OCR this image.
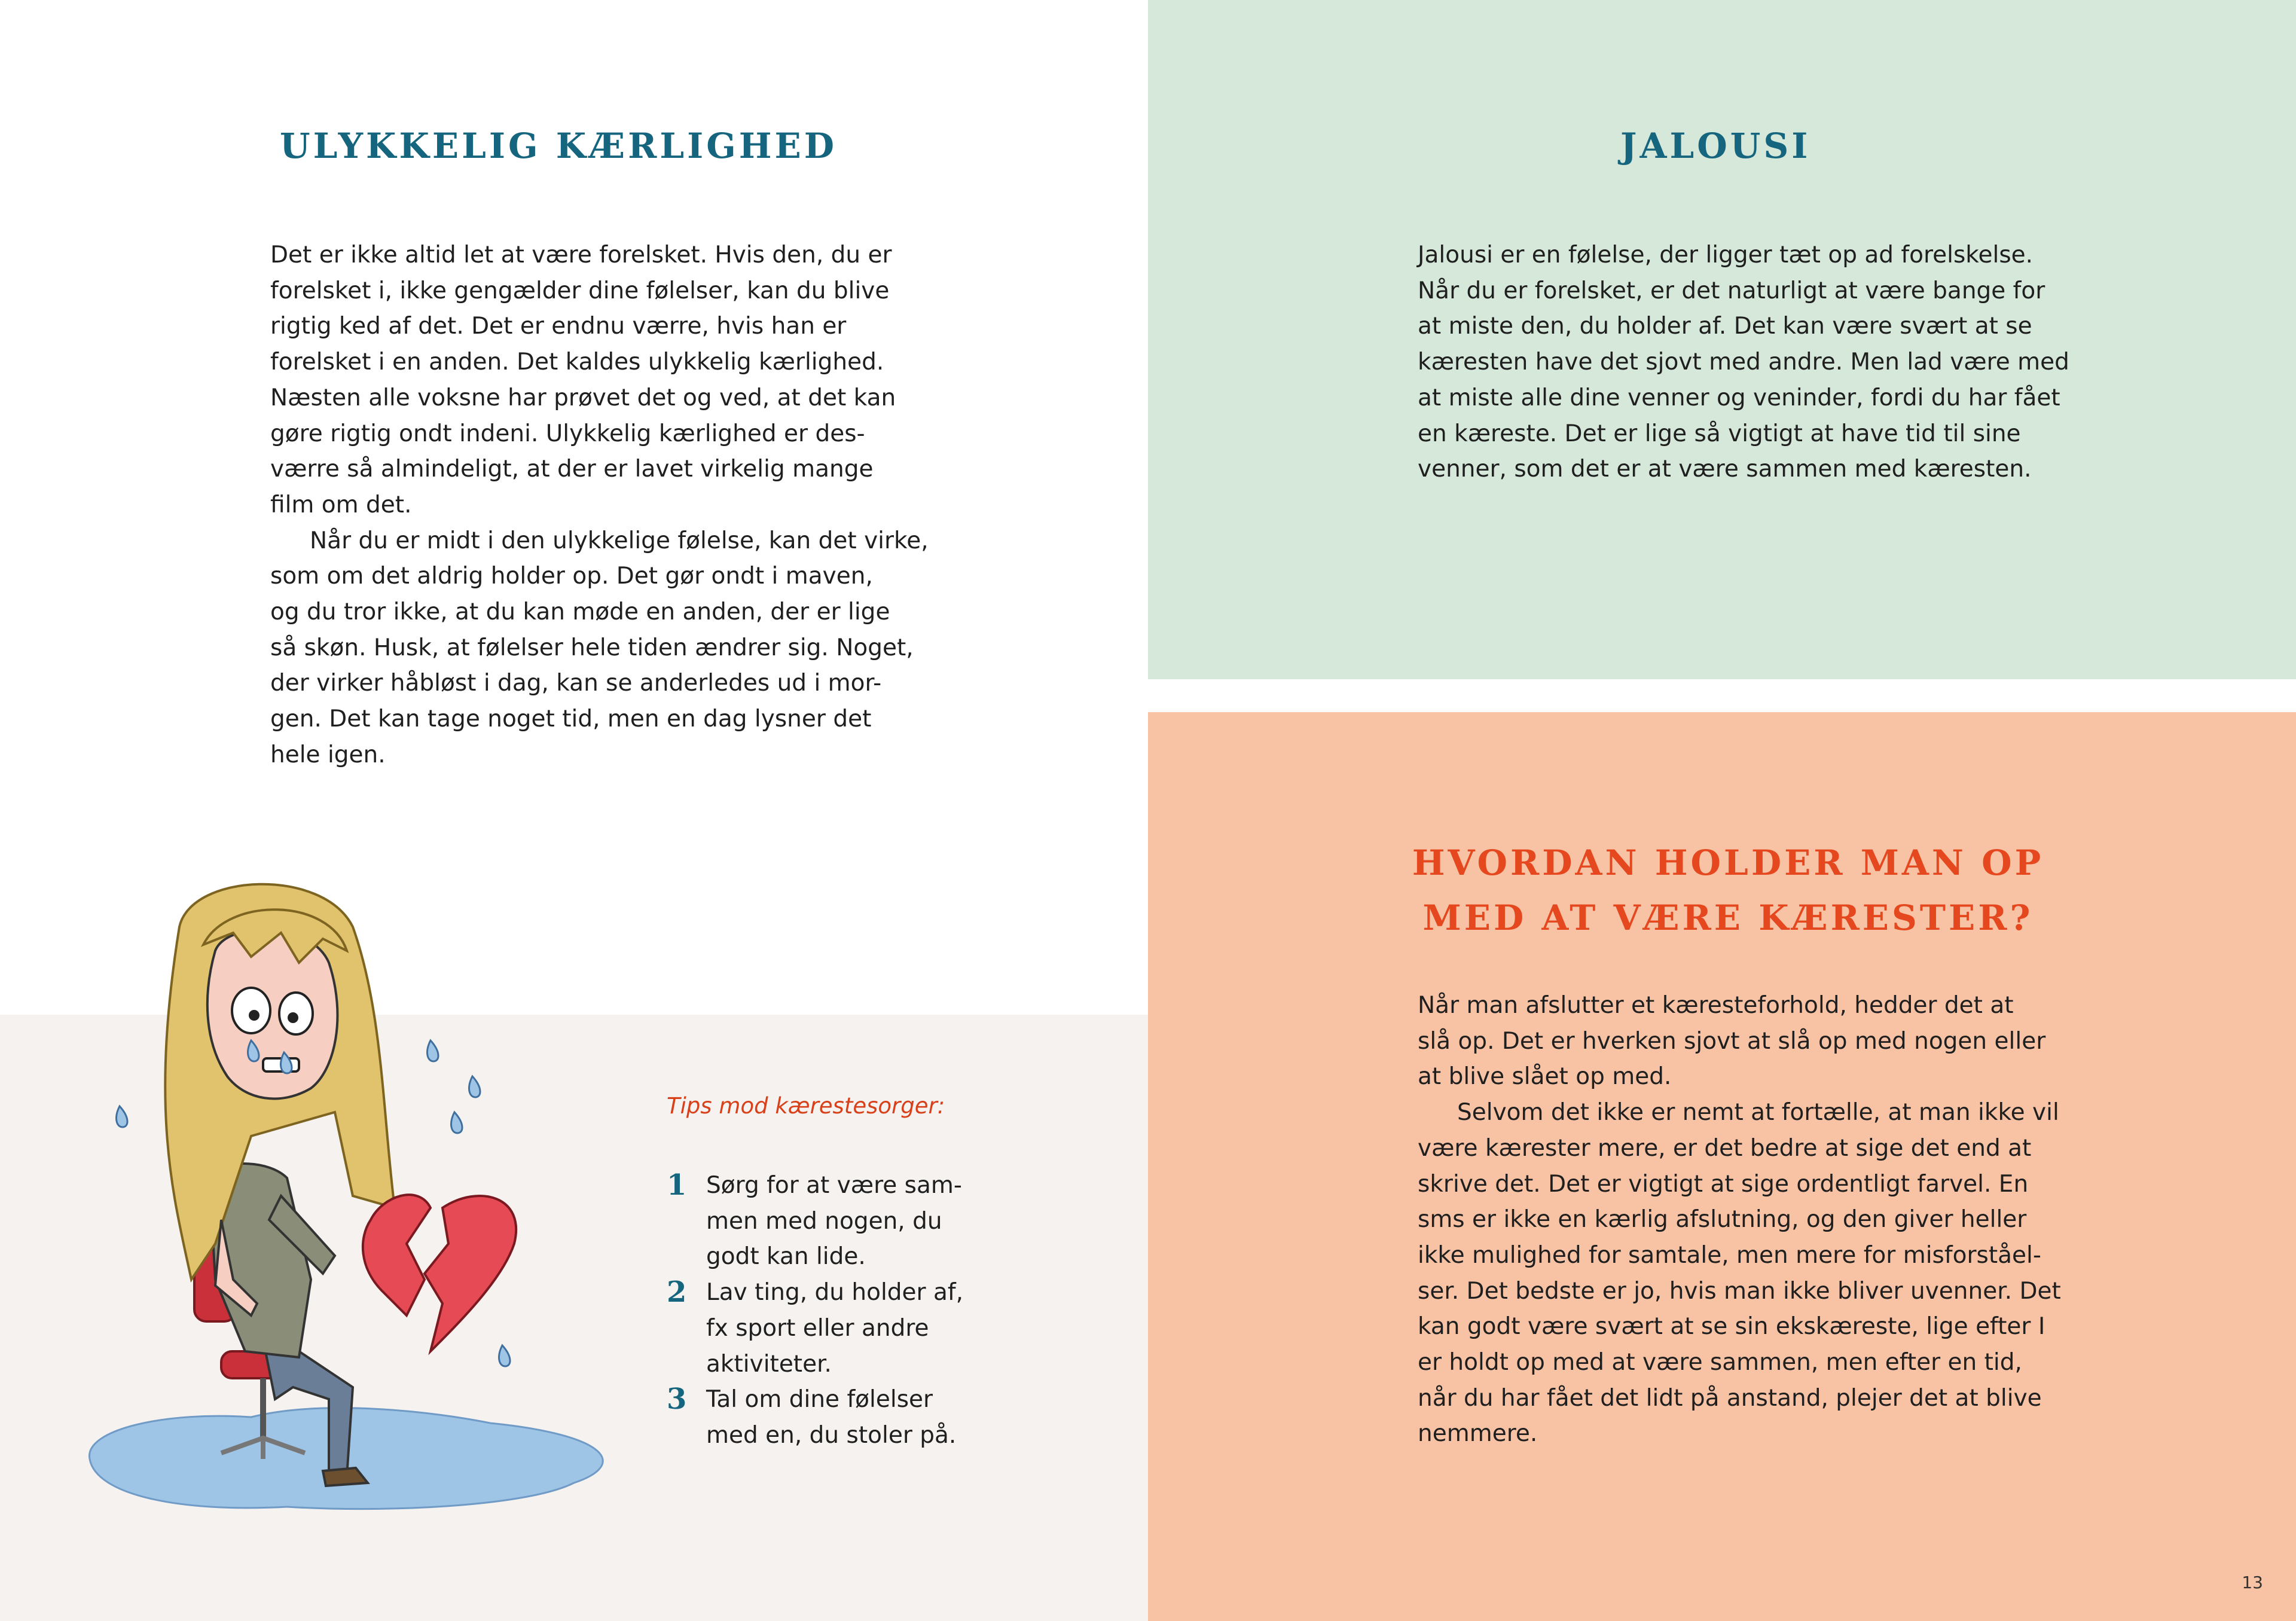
ULYKKELIG KÆRLIGHED

Det er ikke altid let at være forelsket. Hvis den, du er

forelsket i, ikke gengælder dine følelser, kan du blive

rigtig ked af det. Det er endnu værre, hvis han er

forelsket i en anden. Det kaldes ulykkelig kærlighed.

Næsten alle voksne har prøvet det og ved, at det kan

gøre rigtig ondt indeni. Ulykkelig kærlighed er des-

værre så almindeligt, at der er lavet virkelig mange

film om det.

Når du er midt i den ulykkelige følelse, kan det virke,

som om det aldrig holder op. Det gør ondt i maven,

og du tror ikke, at du kan møde en anden, der er lige

så skøn. Husk, at følelser hele tiden ændrer sig. Noget,

der virker håbløst i dag, kan se anderledes ud i mor-

gen. Det kan tage noget tid, men en dag lysner det

hele igen.

Tips mod kærestesorger:
1 Sørg for at være sam-
men med nogen, du
godt kan lide.
2 Lav ting, du holder af,
fx sport eller andre
aktiviteter.
3 Tal om dine følelser
med en, du stoler på.
JALOUSI

Jalousi er en følelse, der ligger tæt op ad forelskelse.

Når du er forelsket, er det naturligt at være bange for

at miste den, du holder af. Det kan være svært at se

kæresten have det sjovt med andre. Men lad være med

at miste alle dine venner og veninder, fordi du har fået

en kæreste. Det er lige så vigtigt at have tid til sine

venner, som det er at være sammen med kæresten.

HVORDAN HOLDER MAN OP
MED AT VÆRE KÆRESTER?

Når man afslutter et kæresteforhold, hedder det at

slå op. Det er hverken sjovt at slå op med nogen eller

at blive slået op med.

Selvom det ikke er nemt at fortælle, at man ikke vil

være kærester mere, er det bedre at sige det end at

skrive det. Det er vigtigt at sige ordentligt farvel. En

sms er ikke en kærlig afslutning, og den giver heller

ikke mulighed for samtale, men mere for misforståel-

ser. Det bedste er jo, hvis man ikke bliver uvenner. Det

kan godt være svært at se sin ekskæreste, lige efter I

er holdt op med at være sammen, men efter en tid,

når du har fået det lidt på anstand, plejer det at blive

nemmere.

13
